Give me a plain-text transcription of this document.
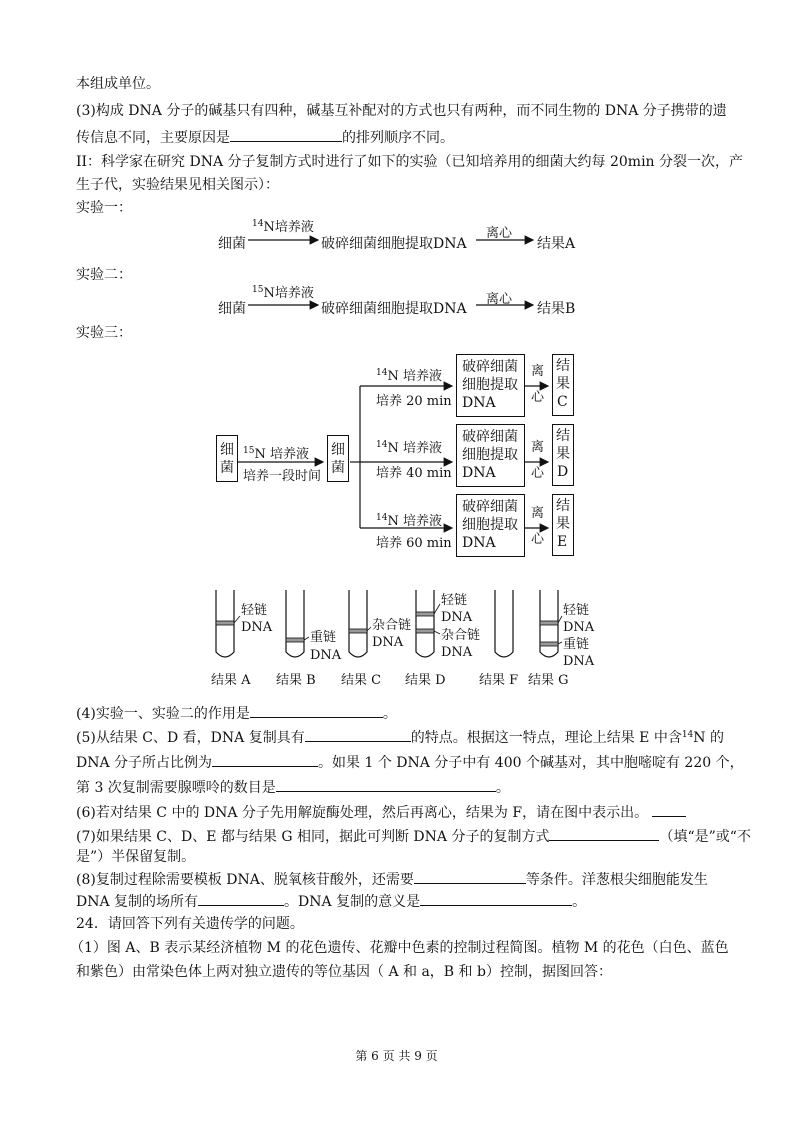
本组成单位。
(3)构成 DNA 分子的碱基只有四种，碱基互补配对的方式也只有两种，而不同生物的 DNA 分子携带的遗
传信息不同，主要原因是	的排列顺序不同。
II：科学家在研究 DNA 分子复制方式时进行了如下的实验（已知培养用的细菌大约每 20min 分裂一次，产
生子代，实验结果见相关图示）：
实验一：
实验二：
实验三：
细菌
$^{14}$N培养液
破碎细菌细胞提取DNA
离心
结果A
细菌
$^{15}$N培养液
破碎细菌细胞提取DNA
离心
结果B
细
菌
$^{15}$N 培养液
培养一段时间
细
菌
$^{14}$N 培养液
培养 20 min
$^{14}$N 培养液
培养 40 min
$^{14}$N 培养液
培养 60 min
破碎细菌
细胞提取
DNA
破碎细菌
细胞提取
DNA
破碎细菌
细胞提取
DNA
离
心
离
心
离
心
结
果
C
结
果
D
结
果
E
轻链
DNA
重链
DNA
杂合链
DNA
轻链
DNA
杂合链
DNA
轻链
DNA
重链
DNA
结果 A 结果 B 结果 C 结果 D	结果 F 结果 G
(4)实验一、实验二的作用是	。
(5)从结果 C、D 看，DNA 复制具有	的特点。根据这一特点，理论上结果 E 中含$^{14}$N 的
DNA 分子所占比例为	。如果 1 个 DNA 分子中有 400 个碱基对，其中胞嘧啶有 220 个，
第 3 次复制需要腺嘌呤的数目是	。
(6)若对结果 C 中的 DNA 分子先用解旋酶处理，然后再离心，结果为 F，请在图中表示出。
(7)如果结果 C、D、E 都与结果 G 相同，据此可判断 DNA 分子的复制方式	（填“是”或“不
是”）半保留复制。
(8)复制过程除需要模板 DNA、脱氧核苷酸外，还需要	等条件。洋葱根尖细胞能发生
DNA 复制的场所有	。DNA 复制的意义是	。
24．请回答下列有关遗传学的问题。
（1）图 A、B 表示某经济植物 M 的花色遗传、花瓣中色素的控制过程简图。植物 M 的花色（白色、蓝色
和紫色）由常染色体上两对独立遗传的等位基因（ A 和 a，B 和 b）控制，据图回答：
第 6 页 共 9 页
